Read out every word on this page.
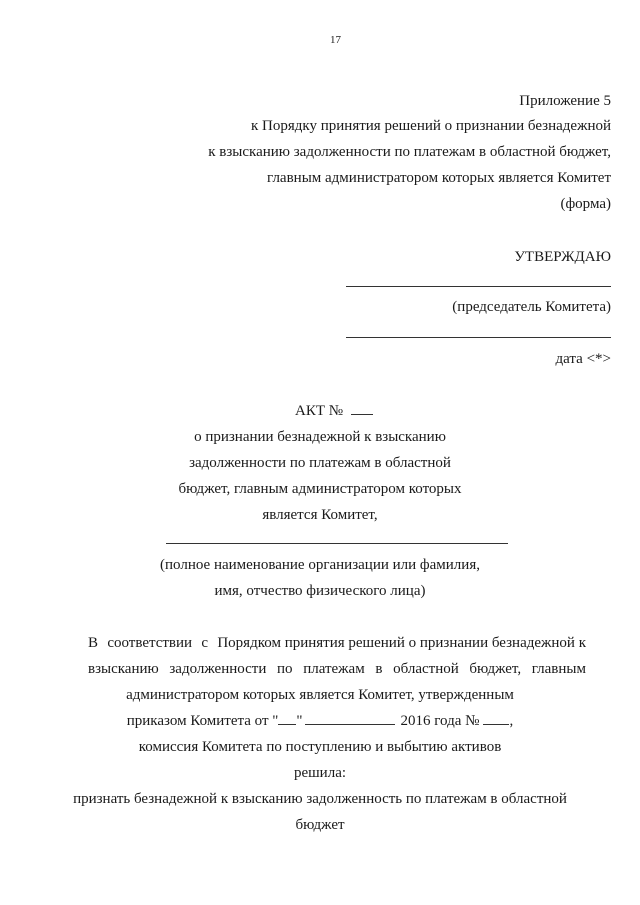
17
Приложение 5
к Порядку принятия решений о признании безнадежной
к взысканию задолженности по платежам в областной бюджет,
главным администратором которых является Комитет
(форма)
УТВЕРЖДАЮ
(председатель Комитета)
дата <*>
АКТ №
о признании безнадежной к взысканию
задолженности по платежам в областной
бюджет, главным администратором которых
является Комитет,
(полное наименование организации или фамилия,
имя, отчество физического лица)
В соответствии с Порядком принятия решений о признании безнадежной к
взысканию задолженности по платежам в областной бюджет, главным
администратором которых является Комитет, утвержденным
приказом Комитета от " "	2016 года № ,
комиссия Комитета по поступлению и выбытию активов
решила:
признать безнадежной к взысканию задолженность по платежам в областной
бюджет
